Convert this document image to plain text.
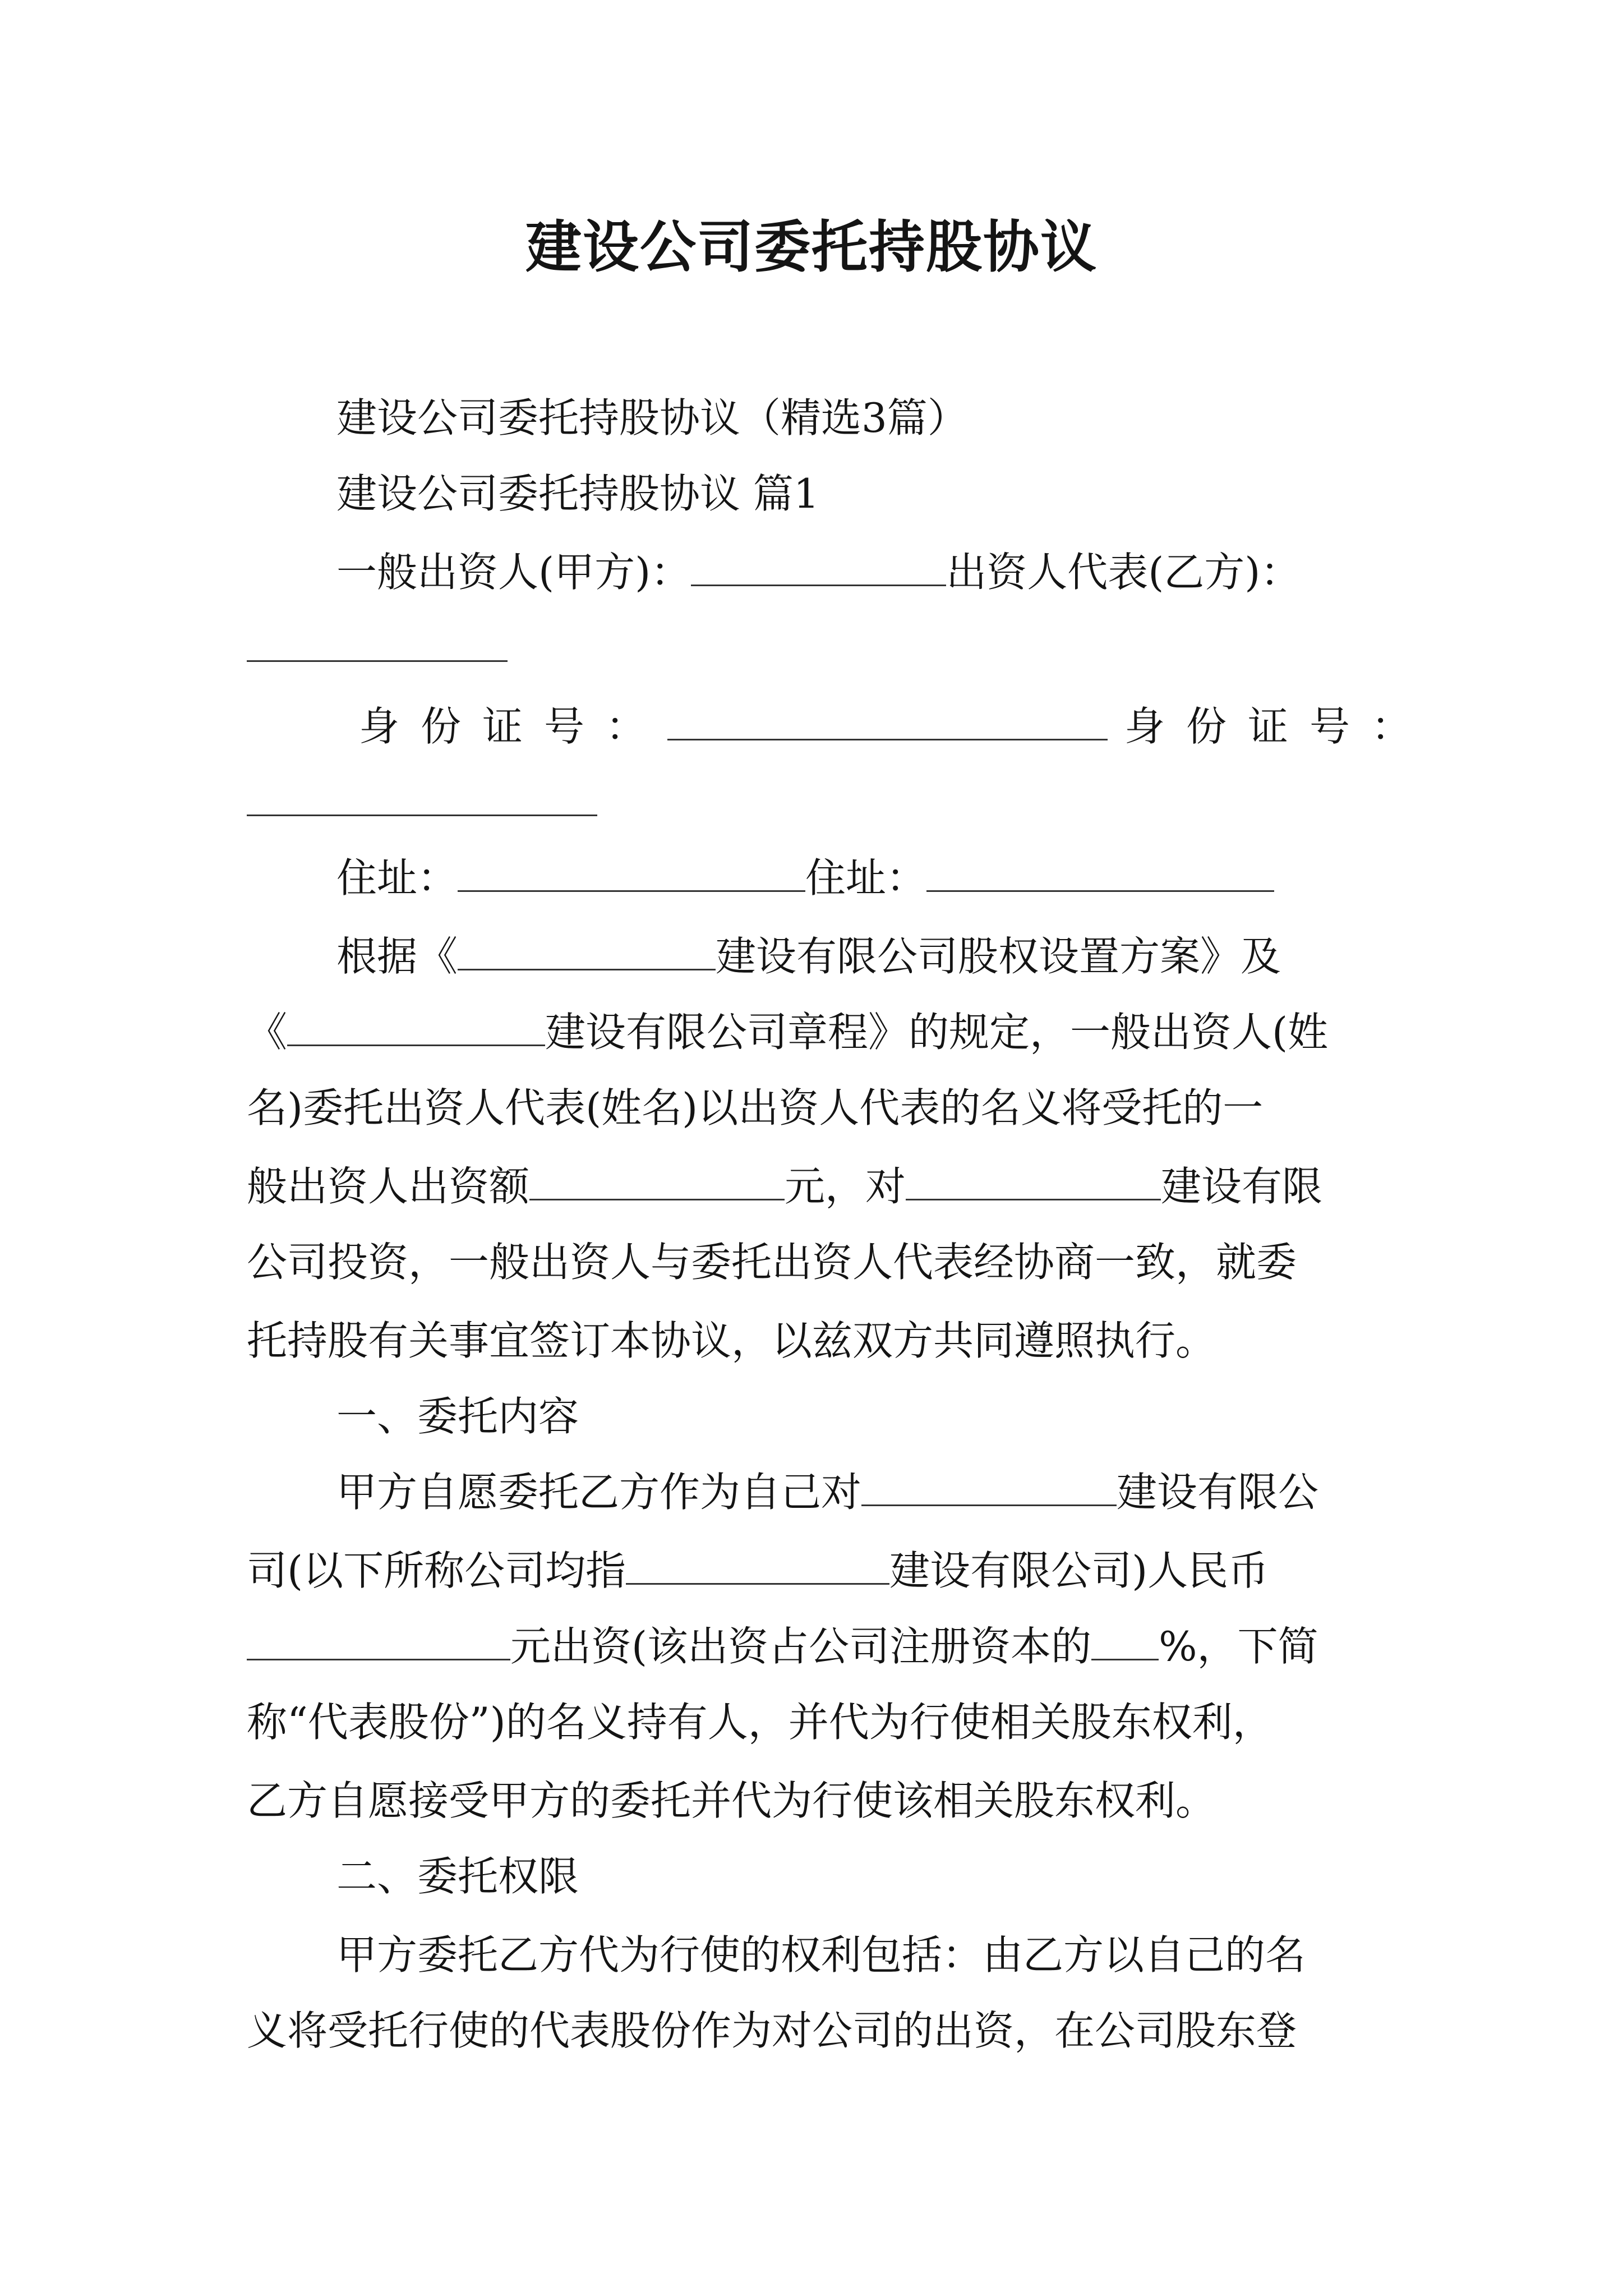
建设公司委托持股协议
建设公司委托持股协议（精选3篇）
建设公司委托持股协议 篇1
一般出资人(甲方)：	出资人代表(乙方)：
身份证号：	身份证号：
住址：	住址：
根据《	建设有限公司股权设置方案》及
《	建设有限公司章程》的规定，一般出资人(姓
名)委托出资人代表(姓名)以出资人代表的名义将受托的一
般出资人出资额	元，对	建设有限
公司投资，一般出资人与委托出资人代表经协商一致，就委
托持股有关事宜签订本协议，以兹双方共同遵照执行。
一、委托内容
甲方自愿委托乙方作为自己对	建设有限公
司(以下所称公司均指	建设有限公司)人民币
元出资(该出资占公司注册资本的 %，下简
称“代表股份”)的名义持有人，并代为行使相关股东权利，
乙方自愿接受甲方的委托并代为行使该相关股东权利。
二、委托权限
甲方委托乙方代为行使的权利包括：由乙方以自己的名
义将受托行使的代表股份作为对公司的出资，在公司股东登
